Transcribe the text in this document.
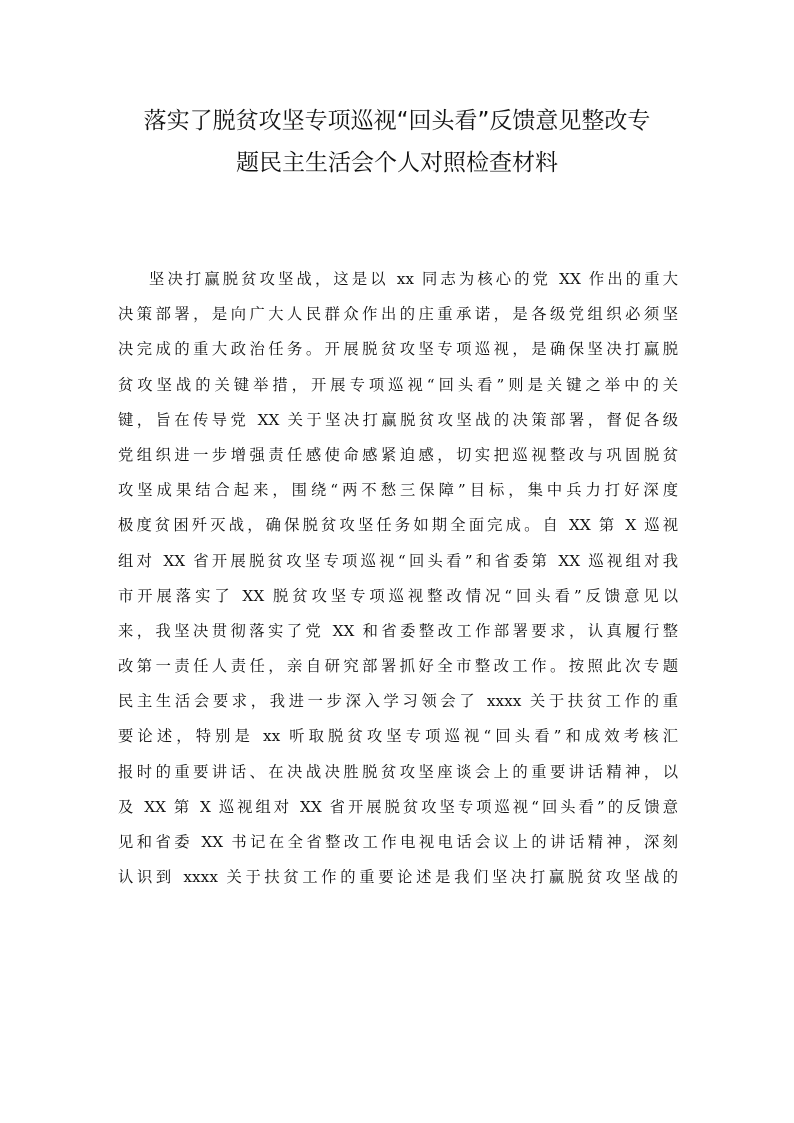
落实了脱贫攻坚专项巡视“回头看”反馈意见整改专
题民主生活会个人对照检查材料
坚决打赢脱贫攻坚战，这是以 xx 同志为核心的党 XX 作出的重大
决策部署，是向广大人民群众作出的庄重承诺，是各级党组织必须坚
决完成的重大政治任务。开展脱贫攻坚专项巡视，是确保坚决打赢脱
贫攻坚战的关键举措，开展专项巡视“回头看”则是关键之举中的关
键，旨在传导党 XX 关于坚决打赢脱贫攻坚战的决策部署，督促各级
党组织进一步增强责任感使命感紧迫感，切实把巡视整改与巩固脱贫
攻坚成果结合起来，围绕“两不愁三保障”目标，集中兵力打好深度
极度贫困歼灭战，确保脱贫攻坚任务如期全面完成。自 XX 第 X 巡视
组对 XX 省开展脱贫攻坚专项巡视“回头看”和省委第 XX 巡视组对我
市开展落实了 XX 脱贫攻坚专项巡视整改情况“回头看”反馈意见以
来，我坚决贯彻落实了党 XX 和省委整改工作部署要求，认真履行整
改第一责任人责任，亲自研究部署抓好全市整改工作。按照此次专题
民主生活会要求，我进一步深入学习领会了 xxxx 关于扶贫工作的重
要论述，特别是 xx 听取脱贫攻坚专项巡视“回头看”和成效考核汇
报时的重要讲话、在决战决胜脱贫攻坚座谈会上的重要讲话精神，以
及 XX 第 X 巡视组对 XX 省开展脱贫攻坚专项巡视“回头看”的反馈意
见和省委 XX 书记在全省整改工作电视电话会议上的讲话精神，深刻
认识到 xxxx 关于扶贫工作的重要论述是我们坚决打赢脱贫攻坚战的
